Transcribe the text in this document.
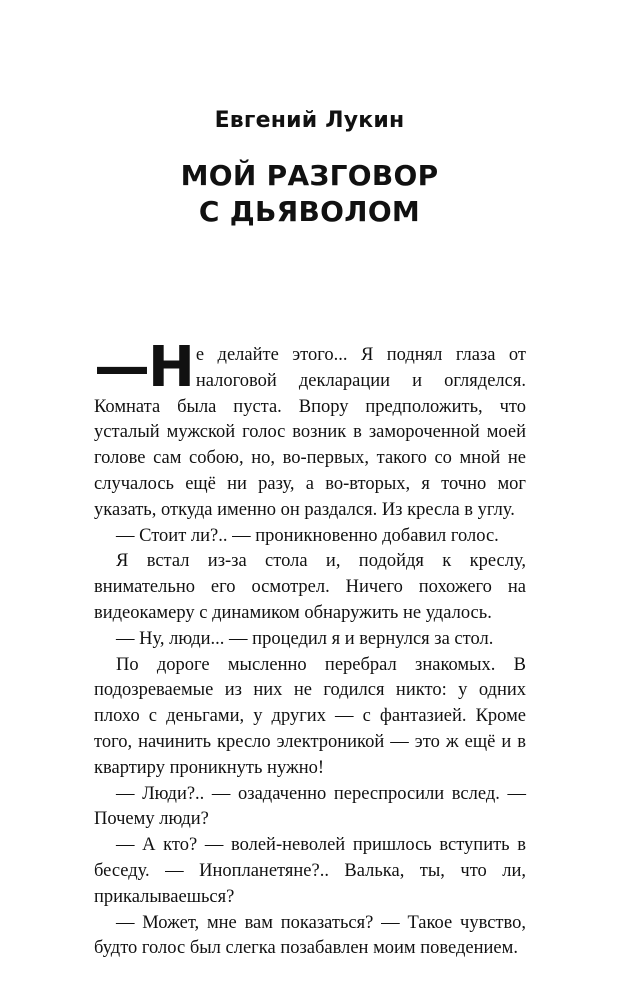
Евгений Лукин
МОЙ РАЗГОВОР
С ДЬЯВОЛОМ

—Н е делайте этого... Я поднял глаза от налоговой декларации и огляделся. Комната была пуста. Впору предположить, что усталый мужской голос возник в замороченной моей голове сам собою, но, во-первых, такого со мной не случалось ещё ни разу, а во-вторых, я точно мог указать, откуда именно он раздался. Из кресла в углу.

— Стоит ли?.. — проникновенно добавил голос.

Я встал из-за стола и, подойдя к креслу, внимательно его осмотрел. Ничего похожего на видеокамеру с динамиком обнаружить не удалось.

— Ну, люди... — процедил я и вернулся за стол.

По дороге мысленно перебрал знакомых. В подозреваемые из них не годился никто: у одних плохо с деньгами, у других — с фантазией. Кроме того, начинить кресло электроникой — это ж ещё и в квартиру проникнуть нужно!

— Люди?.. — озадаченно переспросили вслед. — Почему люди?

— А кто? — волей-неволей пришлось вступить в беседу. — Инопланетяне?.. Валька, ты, что ли, прикалываешься?

— Может, мне вам показаться? — Такое чувство, будто голос был слегка позабавлен моим поведением.
